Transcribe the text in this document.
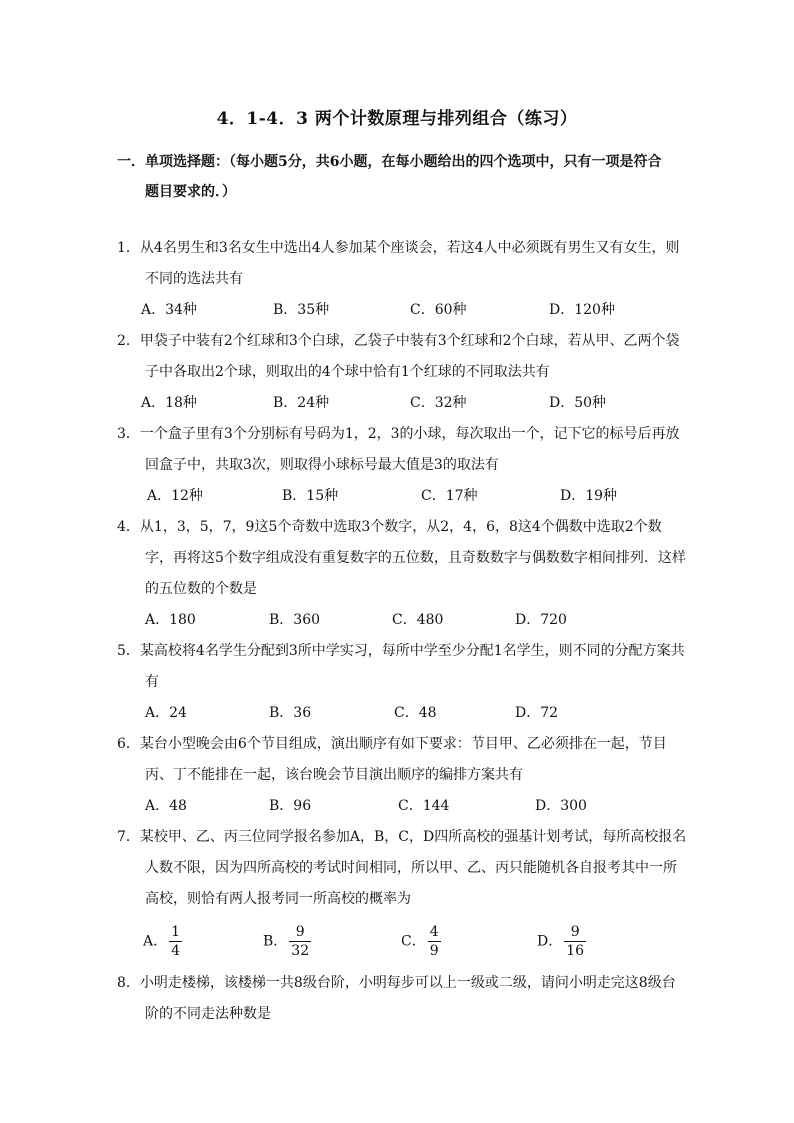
4．1-4．3 两个计数原理与排列组合（练习）
一．单项选择题：（每小题5分，共6小题，在每小题给出的四个选项中，只有一项是符合
题目要求的．）
1．从4名男生和3名女生中选出4人参加某个座谈会，若这4人中必须既有男生又有女生，则不同的选法共有
A．34种	B．35种	C．60种	D．120种
2．甲袋子中装有2个红球和3个白球，乙袋子中装有3个红球和2个白球，若从甲、乙两个袋子中各取出2个球，则取出的4个球中恰有1个红球的不同取法共有
A．18种	B．24种	C．32种	D．50种
3．一个盒子里有3个分别标有号码为1，2，3的小球，每次取出一个，记下它的标号后再放回盒子中，共取3次，则取得小球标号最大值是3的取法有
A．12种	B．15种	C．17种	D．19种
4．从1，3，5，7，9这5个奇数中选取3个数字，从2，4，6，8这4个偶数中选取2个数字，再将这5个数字组成没有重复数字的五位数，且奇数数字与偶数数字相间排列．这样的五位数的个数是
A．180	B．360	C．480	D．720
5．某高校将4名学生分配到3所中学实习，每所中学至少分配1名学生，则不同的分配方案共有
A．24	B．36	C．48	D．72
6．某台小型晚会由6个节目组成，演出顺序有如下要求：节目甲、乙必须排在一起，节目丙、丁不能排在一起，该台晚会节目演出顺序的编排方案共有
A．48	B．96	C．144	D．300
7．某校甲、乙、丙三位同学报名参加A，B，C，D四所高校的强基计划考试，每所高校报名人数不限，因为四所高校的考试时间相同，所以甲、乙、丙只能随机各自报考其中一所高校，则恰有两人报考同一所高校的概率为
A． $\frac{1}{4}$	B． $\frac{9}{32}$	C． $\frac{4}{9}$	D． $\frac{9}{16}$
8．小明走楼梯，该楼梯一共8级台阶，小明每步可以上一级或二级，请问小明走完这8级台阶的不同走法种数是
